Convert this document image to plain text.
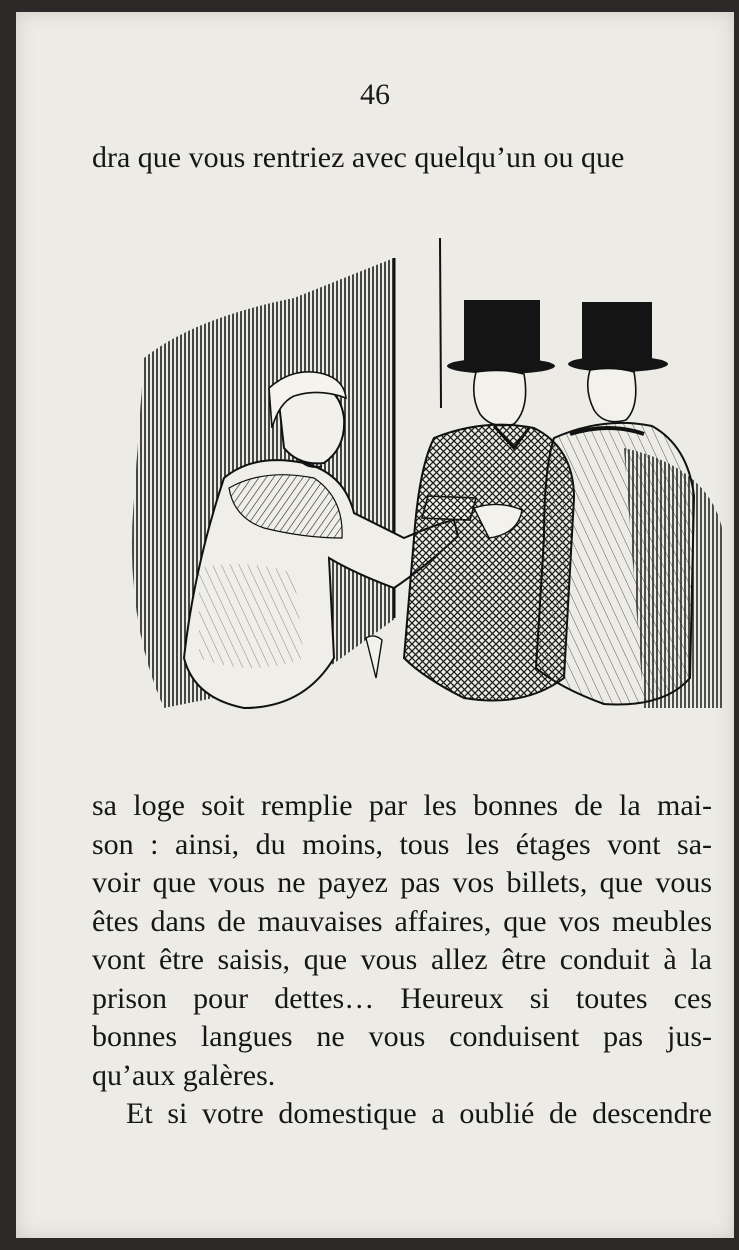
46
dra que vous rentriez avec quelqu’un ou que
sa loge soit remplie par les bonnes de la mai-
son : ainsi, du moins, tous les étages vont sa-
voir que vous ne payez pas vos billets, que vous
êtes dans de mauvaises affaires, que vos meubles
vont être saisis, que vous allez être conduit à la
prison pour dettes… Heureux si toutes ces
bonnes langues ne vous conduisent pas jus-
qu’aux galères.
Et si votre domestique a oublié de descendre
